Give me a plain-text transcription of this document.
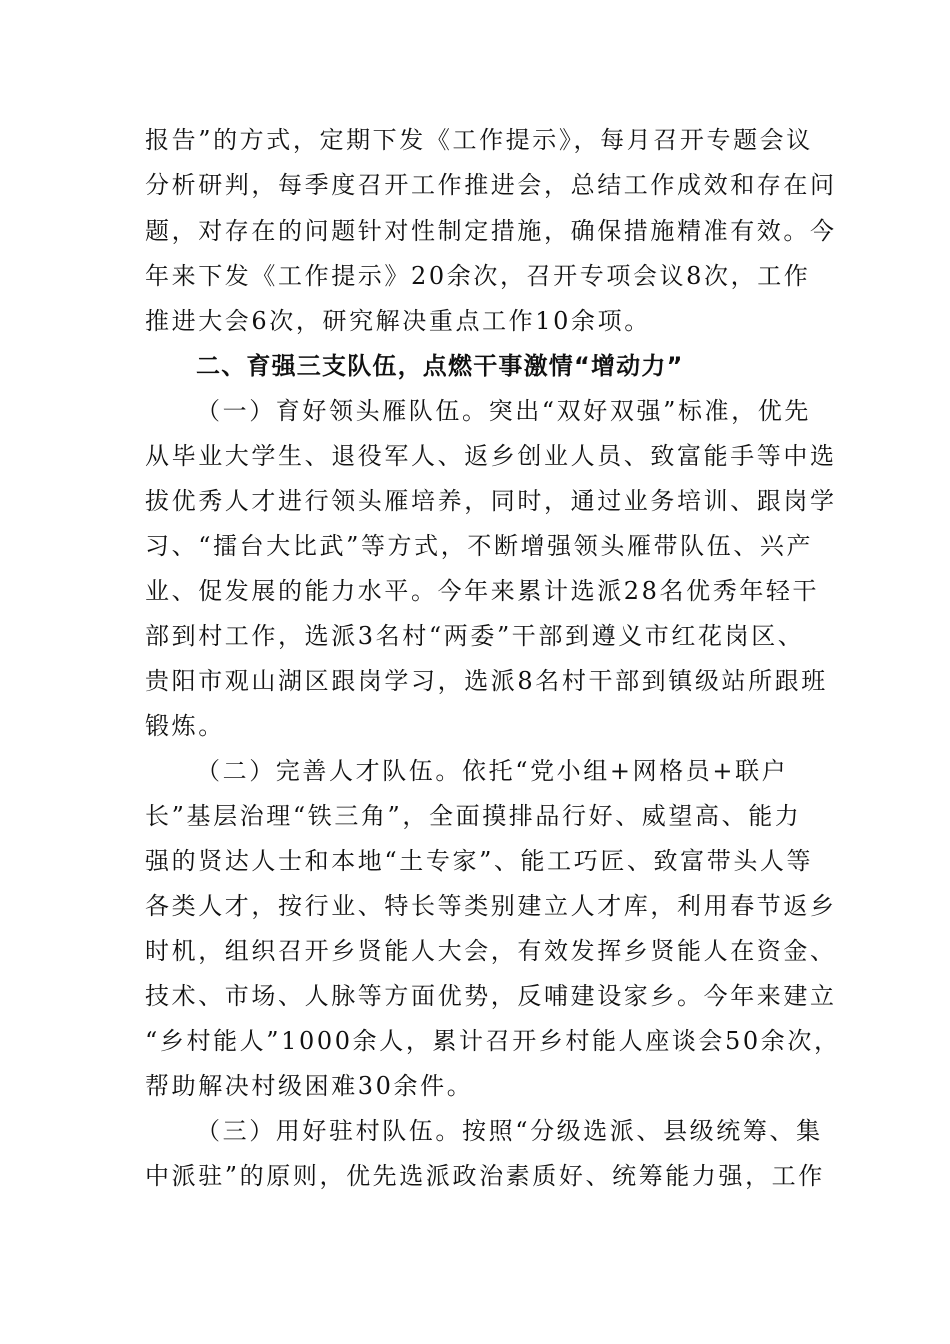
报告”的方式，定期下发《工作提示》，每月召开专题会议
分析研判，每季度召开工作推进会，总结工作成效和存在问
题，对存在的问题针对性制定措施，确保措施精准有效。今
年来下发《工作提示》20余次，召开专项会议8次，工作
推进大会6次，研究解决重点工作10余项。
二、育强三支队伍，点燃干事激情“增动力”
（一）育好领头雁队伍。突出“双好双强”标准，优先
从毕业大学生、退役军人、返乡创业人员、致富能手等中选
拔优秀人才进行领头雁培养，同时，通过业务培训、跟岗学
习、“擂台大比武”等方式，不断增强领头雁带队伍、兴产
业、促发展的能力水平。今年来累计选派28名优秀年轻干
部到村工作，选派3名村“两委”干部到遵义市红花岗区、
贵阳市观山湖区跟岗学习，选派8名村干部到镇级站所跟班
锻炼。
（二）完善人才队伍。依托“党小组+网格员+联户
长”基层治理“铁三角”，全面摸排品行好、威望高、能力
强的贤达人士和本地“土专家”、能工巧匠、致富带头人等
各类人才，按行业、特长等类别建立人才库，利用春节返乡
时机，组织召开乡贤能人大会，有效发挥乡贤能人在资金、
技术、市场、人脉等方面优势，反哺建设家乡。今年来建立
“乡村能人”1000余人，累计召开乡村能人座谈会50余次，
帮助解决村级困难30余件。
（三）用好驻村队伍。按照“分级选派、县级统筹、集
中派驻”的原则，优先选派政治素质好、统筹能力强，工作
